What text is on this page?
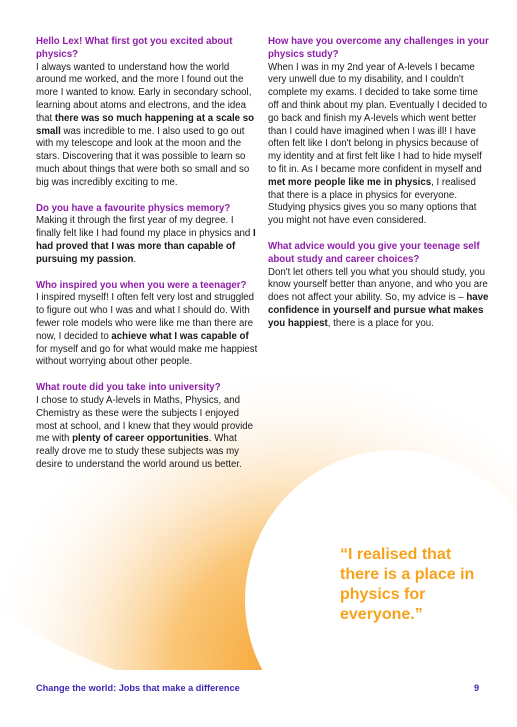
Hello Lex! What first got you excited about physics?

I always wanted to understand how the world around me worked, and the more I found out the more I wanted to know. Early in secondary school, learning about atoms and electrons, and the idea that there was so much happening at a scale so small was incredible to me. I also used to go out with my telescope and look at the moon and the stars. Discovering that it was possible to learn so much about things that were both so small and so big was incredibly exciting to me.

Do you have a favourite physics memory?

Making it through the first year of my degree. I finally felt like I had found my place in physics and I had proved that I was more than capable of pursuing my passion.

Who inspired you when you were a teenager?

I inspired myself! I often felt very lost and struggled to figure out who I was and what I should do. With fewer role models who were like me than there are now, I decided to achieve what I was capable of for myself and go for what would make me happiest without worrying about other people.

What route did you take into university?

I chose to study A-levels in Maths, Physics, and Chemistry as these were the subjects I enjoyed most at school, and I knew that they would provide me with plenty of career opportunities. What really drove me to study these subjects was my desire to understand the world around us better.

How have you overcome any challenges in your physics study?

When I was in my 2nd year of A-levels I became very unwell due to my disability, and I couldn't complete my exams. I decided to take some time off and think about my plan. Eventually I decided to go back and finish my A-levels which went better than I could have imagined when I was ill! I have often felt like I don't belong in physics because of my identity and at first felt like I had to hide myself to fit in. As I became more confident in myself and met more people like me in physics, I realised that there is a place in physics for everyone. Studying physics gives you so many options that you might not have even considered.

What advice would you give your teenage self about study and career choices?

Don't let others tell you what you should study, you know yourself better than anyone, and who you are does not affect your ability. So, my advice is – have confidence in yourself and pursue what makes you happiest, there is a place for you.

“I realised that there is a place in physics for everyone.”
Change the world: Jobs that make a difference	9
